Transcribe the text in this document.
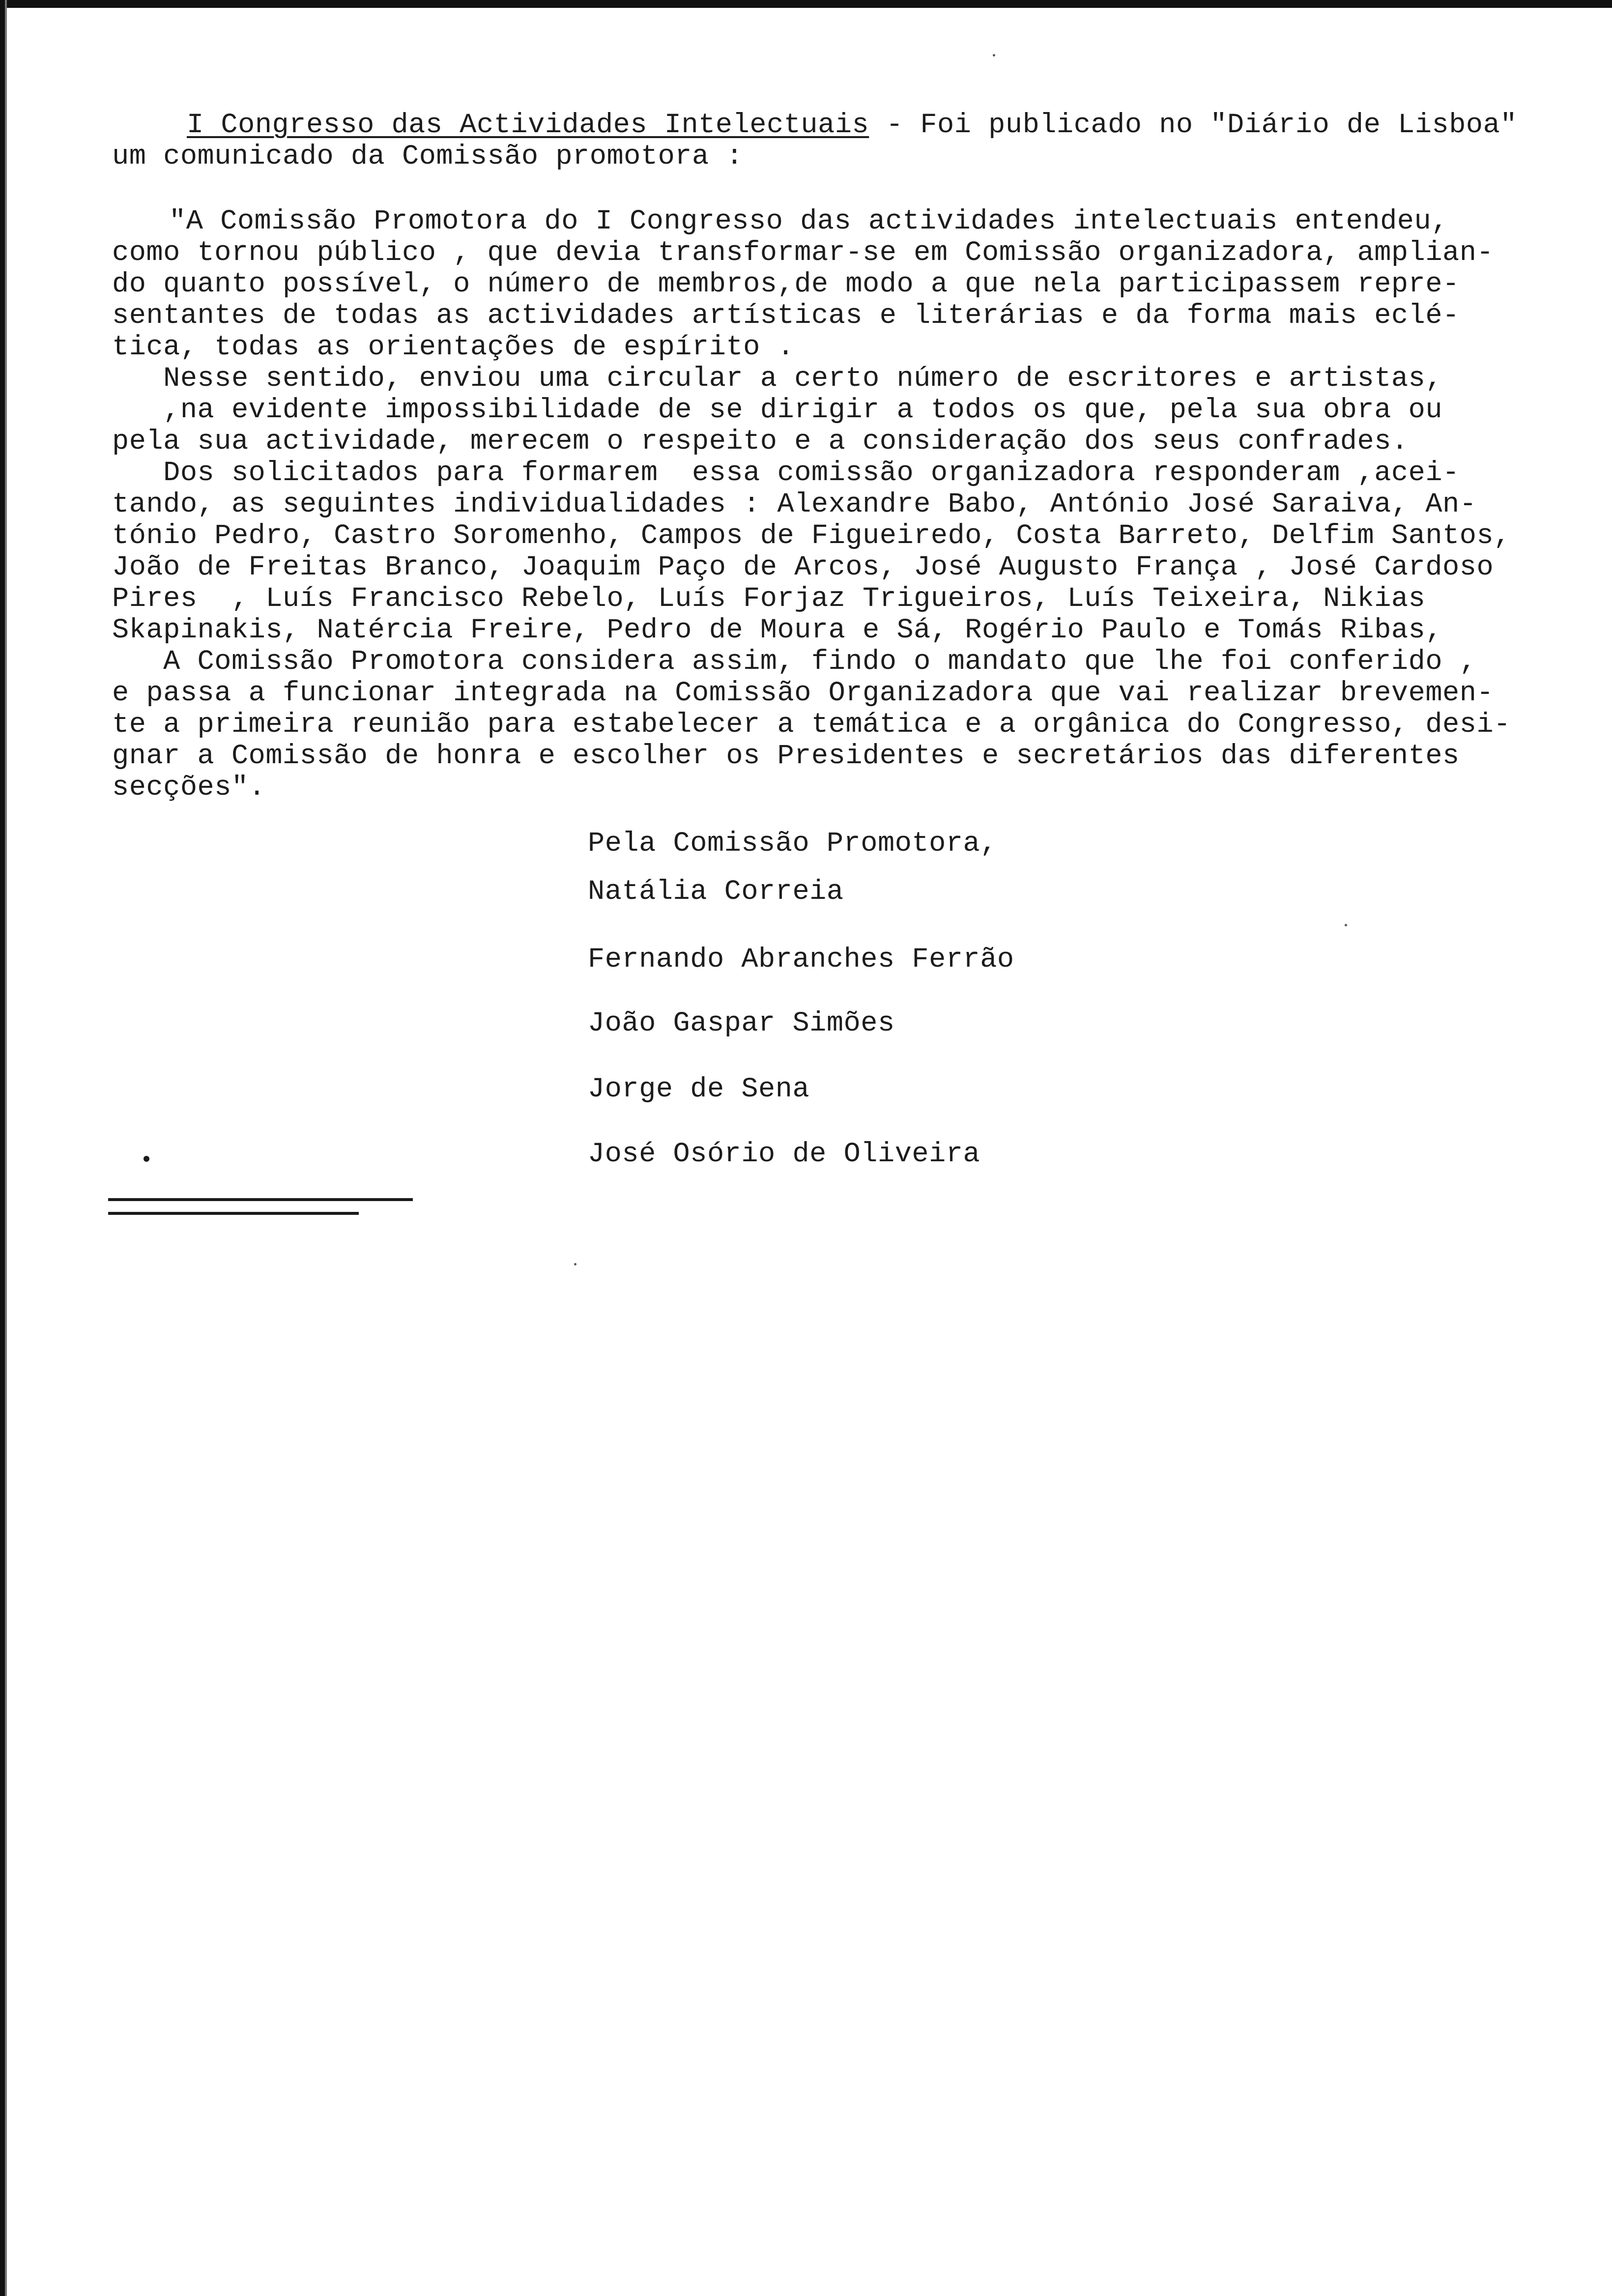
I Congresso das Actividades Intelectuais - Foi publicado no "Diário de Lisboa"
um comunicado da Comissão promotora :
"A Comissão Promotora do I Congresso das actividades intelectuais entendeu,
como tornou público , que devia transformar-se em Comissão organizadora, amplian-
do quanto possível, o número de membros,de modo a que nela participassem repre-
sentantes de todas as actividades artísticas e literárias e da forma mais eclé-
tica, todas as orientações de espírito .
Nesse sentido, enviou uma circular a certo número de escritores e artistas,
,na evidente impossibilidade de se dirigir a todos os que, pela sua obra ou
pela sua actividade, merecem o respeito e a consideração dos seus confrades.
Dos solicitados para formarem  essa comissão organizadora responderam ,acei-
tando, as seguintes individualidades : Alexandre Babo, António José Saraiva, An-
tónio Pedro, Castro Soromenho, Campos de Figueiredo, Costa Barreto, Delfim Santos,
João de Freitas Branco, Joaquim Paço de Arcos, José Augusto França , José Cardoso
Pires  , Luís Francisco Rebelo, Luís Forjaz Trigueiros, Luís Teixeira, Nikias
Skapinakis, Natércia Freire, Pedro de Moura e Sá, Rogério Paulo e Tomás Ribas,
A Comissão Promotora considera assim, findo o mandato que lhe foi conferido ,
e passa a funcionar integrada na Comissão Organizadora que vai realizar brevemen-
te a primeira reunião para estabelecer a temática e a orgânica do Congresso, desi-
gnar a Comissão de honra e escolher os Presidentes e secretários das diferentes
secções".
Pela Comissão Promotora,
Natália Correia
Fernando Abranches Ferrão
João Gaspar Simões
Jorge de Sena
José Osório de Oliveira
